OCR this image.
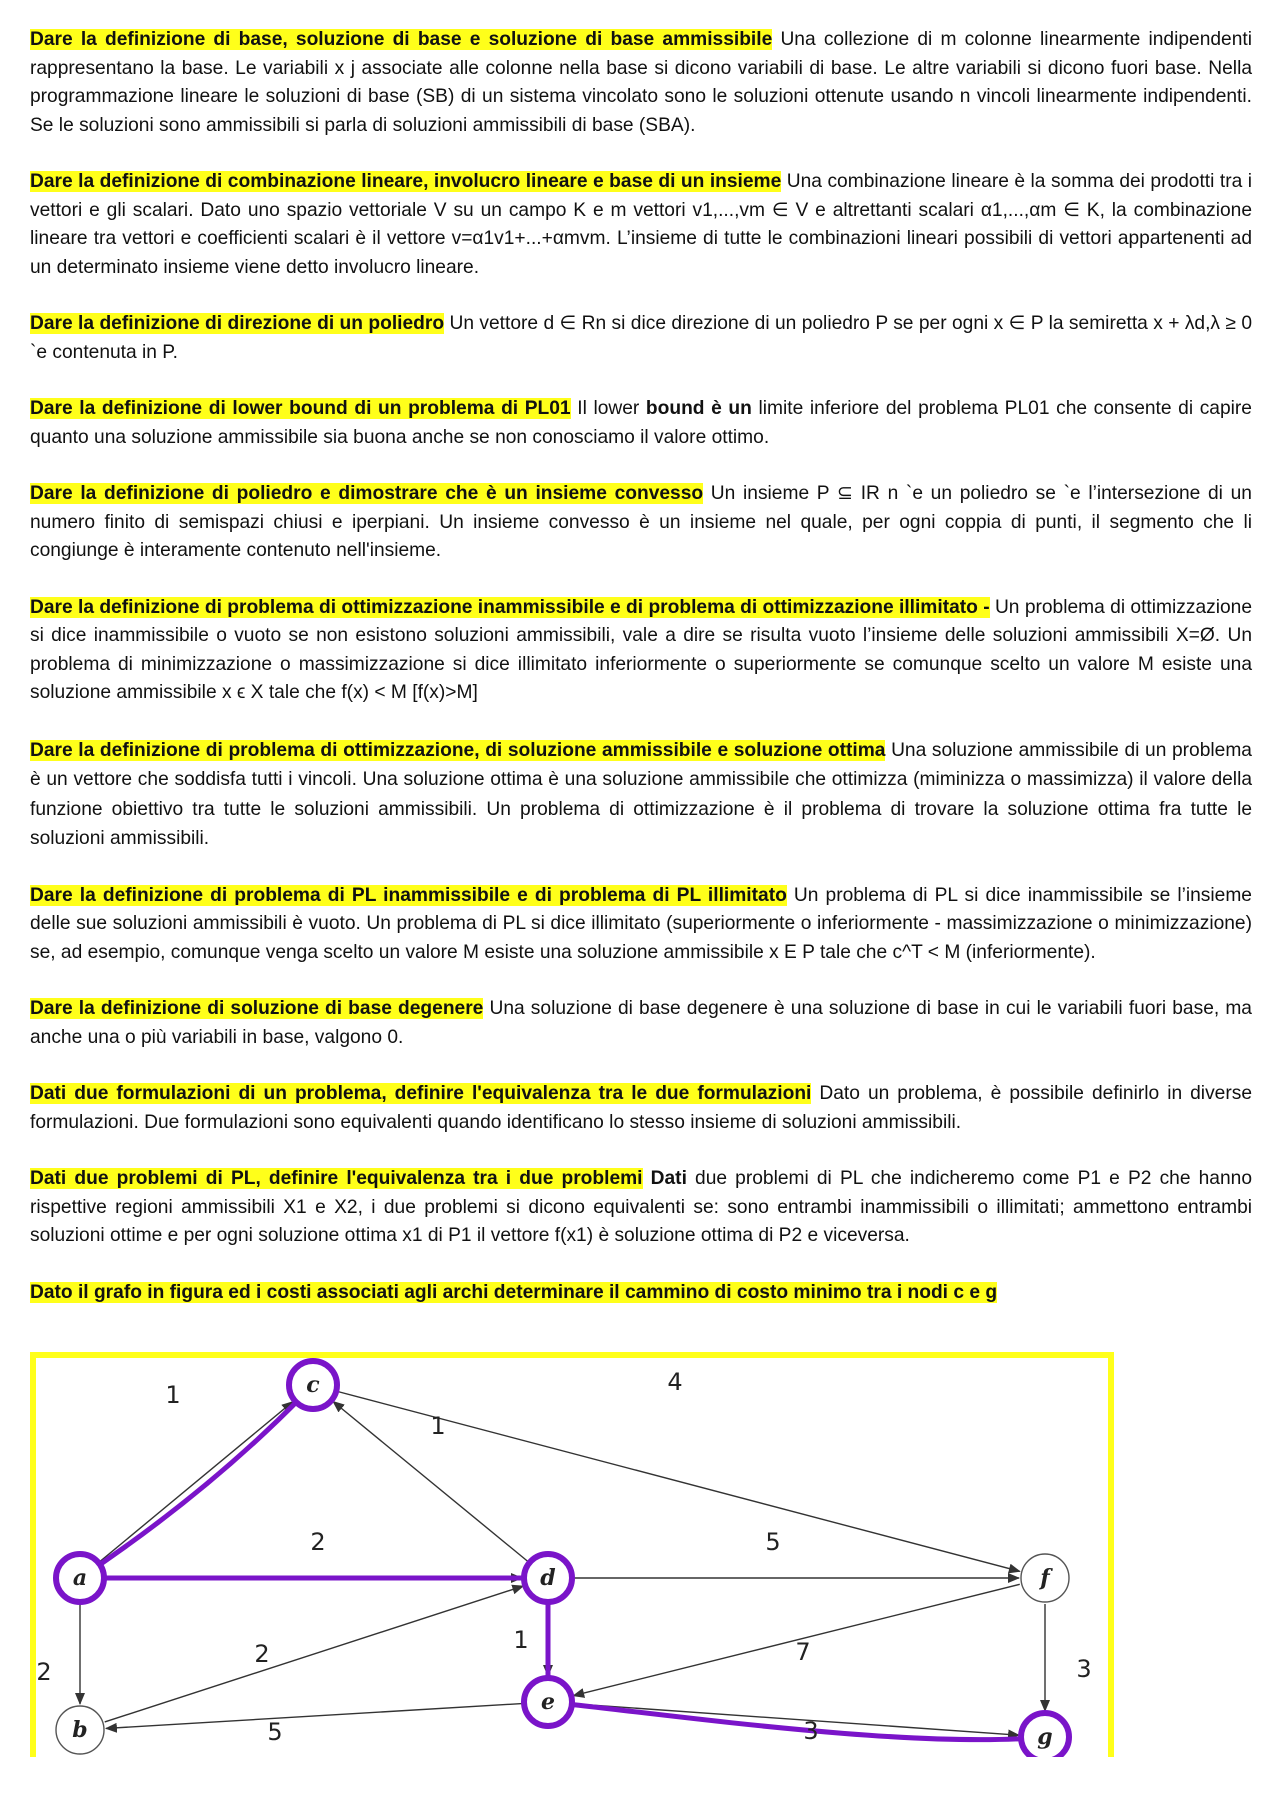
Dare la definizione di base, soluzione di base e soluzione di base ammissibile Una collezione di m colonne linearmente indipendenti rappresentano la base. Le variabili x j associate alle colonne nella base si dicono variabili di base. Le altre variabili si dicono fuori base. Nella programmazione lineare le soluzioni di base (SB) di un sistema vincolato sono le soluzioni ottenute usando n vincoli linearmente indipendenti. Se le soluzioni sono ammissibili si parla di soluzioni ammissibili di base (SBA).

Dare la definizione di combinazione lineare, involucro lineare e base di un insieme Una combinazione lineare è la somma dei prodotti tra i vettori e gli scalari. Dato uno spazio vettoriale V su un campo K e m vettori v1,...,vm ∈ V e altrettanti scalari α1,...,αm ∈ K, la combinazione lineare tra vettori e coefficienti scalari è il vettore v=α1v1+...+αmvm. L’insieme di tutte le combinazioni lineari possibili di vettori appartenenti ad un determinato insieme viene detto involucro lineare.

Dare la definizione di direzione di un poliedro Un vettore d ∈ Rn si dice direzione di un poliedro P se per ogni x ∈ P la semiretta x + λd,λ ≥ 0 `e contenuta in P.

Dare la definizione di lower bound di un problema di PL01 Il lower bound è un limite inferiore del problema PL01 che consente di capire quanto una soluzione ammissibile sia buona anche se non conosciamo il valore ottimo.

Dare la definizione di poliedro e dimostrare che è un insieme convesso Un insieme P ⊆ IR n `e un poliedro se `e l’intersezione di un numero finito di semispazi chiusi e iperpiani. Un insieme convesso è un insieme nel quale, per ogni coppia di punti, il segmento che li congiunge è interamente contenuto nell'insieme.

Dare la definizione di problema di ottimizzazione inammissibile e di problema di ottimizzazione illimitato - Un problema di ottimizzazione si dice inammissibile o vuoto se non esistono soluzioni ammissibili, vale a dire se risulta vuoto l’insieme delle soluzioni ammissibili X=Ø. Un problema di minimizzazione o massimizzazione si dice illimitato inferiormente o superiormente se comunque scelto un valore M esiste una soluzione ammissibile x ϵ X tale che f(x) < M [f(x)>M]

Dare la definizione di problema di ottimizzazione, di soluzione ammissibile e soluzione ottima Una soluzione ammissibile di un problema è un vettore che soddisfa tutti i vincoli. Una soluzione ottima è una soluzione ammissibile che ottimizza (miminizza o massimizza) il valore della funzione obiettivo tra tutte le soluzioni ammissibili. Un problema di ottimizzazione è il problema di trovare la soluzione ottima fra tutte le soluzioni ammissibili.

Dare la definizione di problema di PL inammissibile e di problema di PL illimitato Un problema di PL si dice inammissibile se l’insieme delle sue soluzioni ammissibili è vuoto. Un problema di PL si dice illimitato (superiormente o inferiormente - massimizzazione o minimizzazione) se, ad esempio, comunque venga scelto un valore M esiste una soluzione ammissibile x E P tale che c^T < M (inferiormente).

Dare la definizione di soluzione di base degenere Una soluzione di base degenere è una soluzione di base in cui le variabili fuori base, ma anche una o più variabili in base, valgono 0.

Dati due formulazioni di un problema, definire l'equivalenza tra le due formulazioni Dato un problema, è possibile definirlo in diverse formulazioni. Due formulazioni sono equivalenti quando identificano lo stesso insieme di soluzioni ammissibili.

Dati due problemi di PL, definire l'equivalenza tra i due problemi Dati due problemi di PL che indicheremo come P1 e P2 che hanno rispettive regioni ammissibili X1 e X2, i due problemi si dicono equivalenti se: sono entrambi inammissibili o illimitati; ammettono entrambi soluzioni ottime e per ogni soluzione ottima x1 di P1 il vettore f(x1) è soluzione ottima di P2 e viceversa.

Dato il grafo in figura ed i costi associati agli archi determinare il cammino di costo minimo tra i nodi c e g

a
b
c
d
e
f
g
1
1
4
2	5
2
2	1	7
3
5	3
